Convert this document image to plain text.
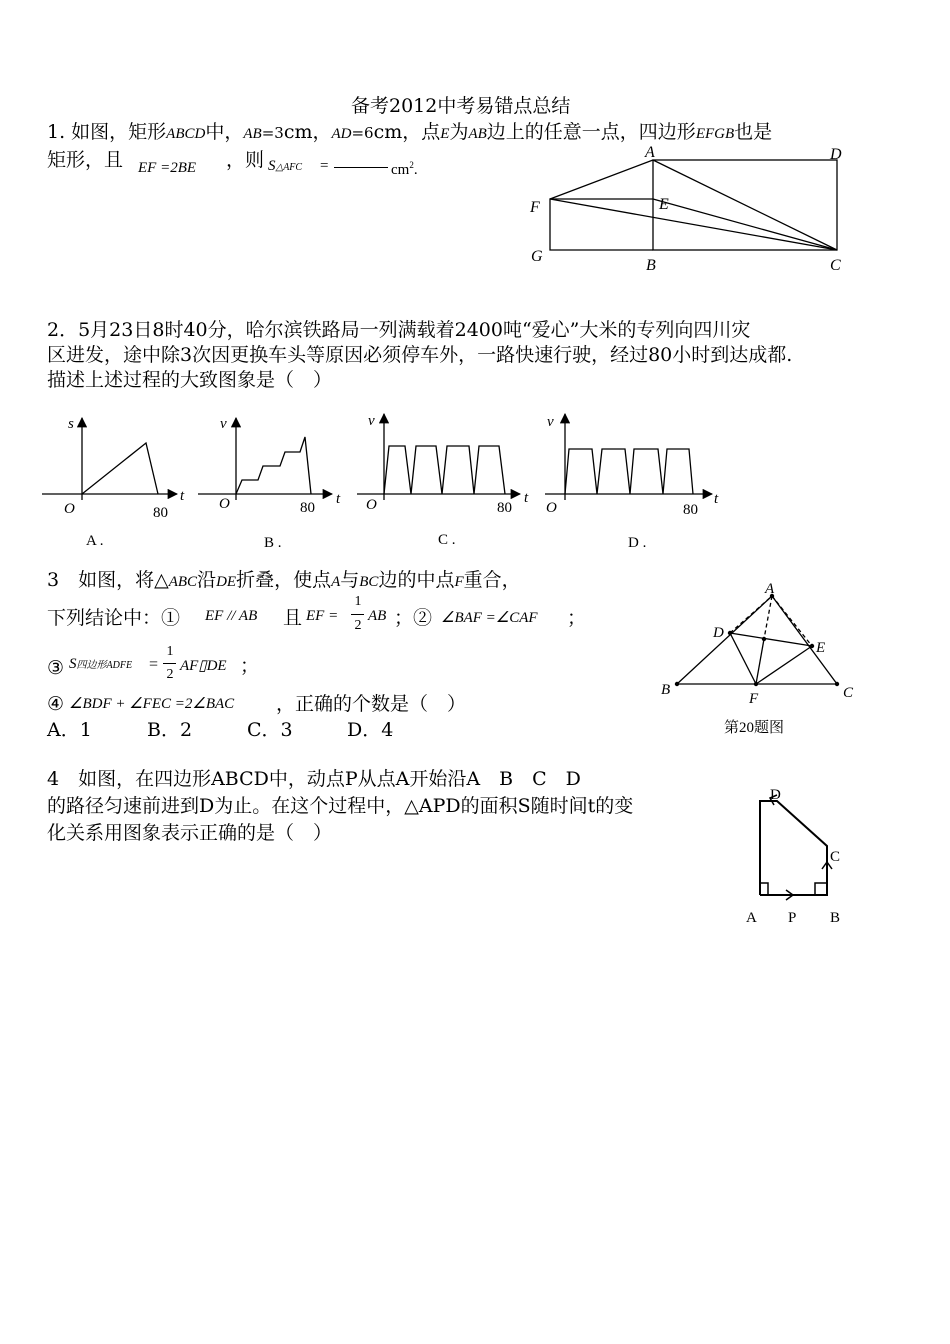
备考2012中考易错点总结
1. 如图，矩形ABCD中，AB=3cm，AD=6cm，点E为AB边上的任意一点，四边形EFGB也是
矩形，且 EF =2BE ，则 S△AFC =	$cm^2$.
A	D
F	E
G
B	C
2．5月23日8时40分，哈尔滨铁路局一列满载着2400吨“爱心”大米的专列向四川灾
区进发，途中除3次因更换车头等原因必须停车外，一路快速行驶，经过80小时到达成都.
描述上述过程的大致图象是（　）
s
t
O	80
A .
v
t
O	80
B .
v
t
O	80
C .
v
t
O	80
D .
3　如图，将△ABC沿DE折叠，使点A与BC边的中点F重合，
下列结论中：① EF // AB 且 EF =
1
2
AB ；② ∠BAF =∠CAF ；
③ S四边形ADFE =
1
2
AF▯DE ；
④ ∠BDF + ∠FEC =2∠BAC ，正确的个数是（　）
A．1	B．2	C．3	D．4
A
D
E
B
F	C
第20题图
4　如图，在四边形ABCD中，动点P从点A开始沿A　B　C　D
的路径匀速前进到D为止。在这个过程中，△APD的面积S随时间t的变
化关系用图象表示正确的是（　）
D
C
A P B
